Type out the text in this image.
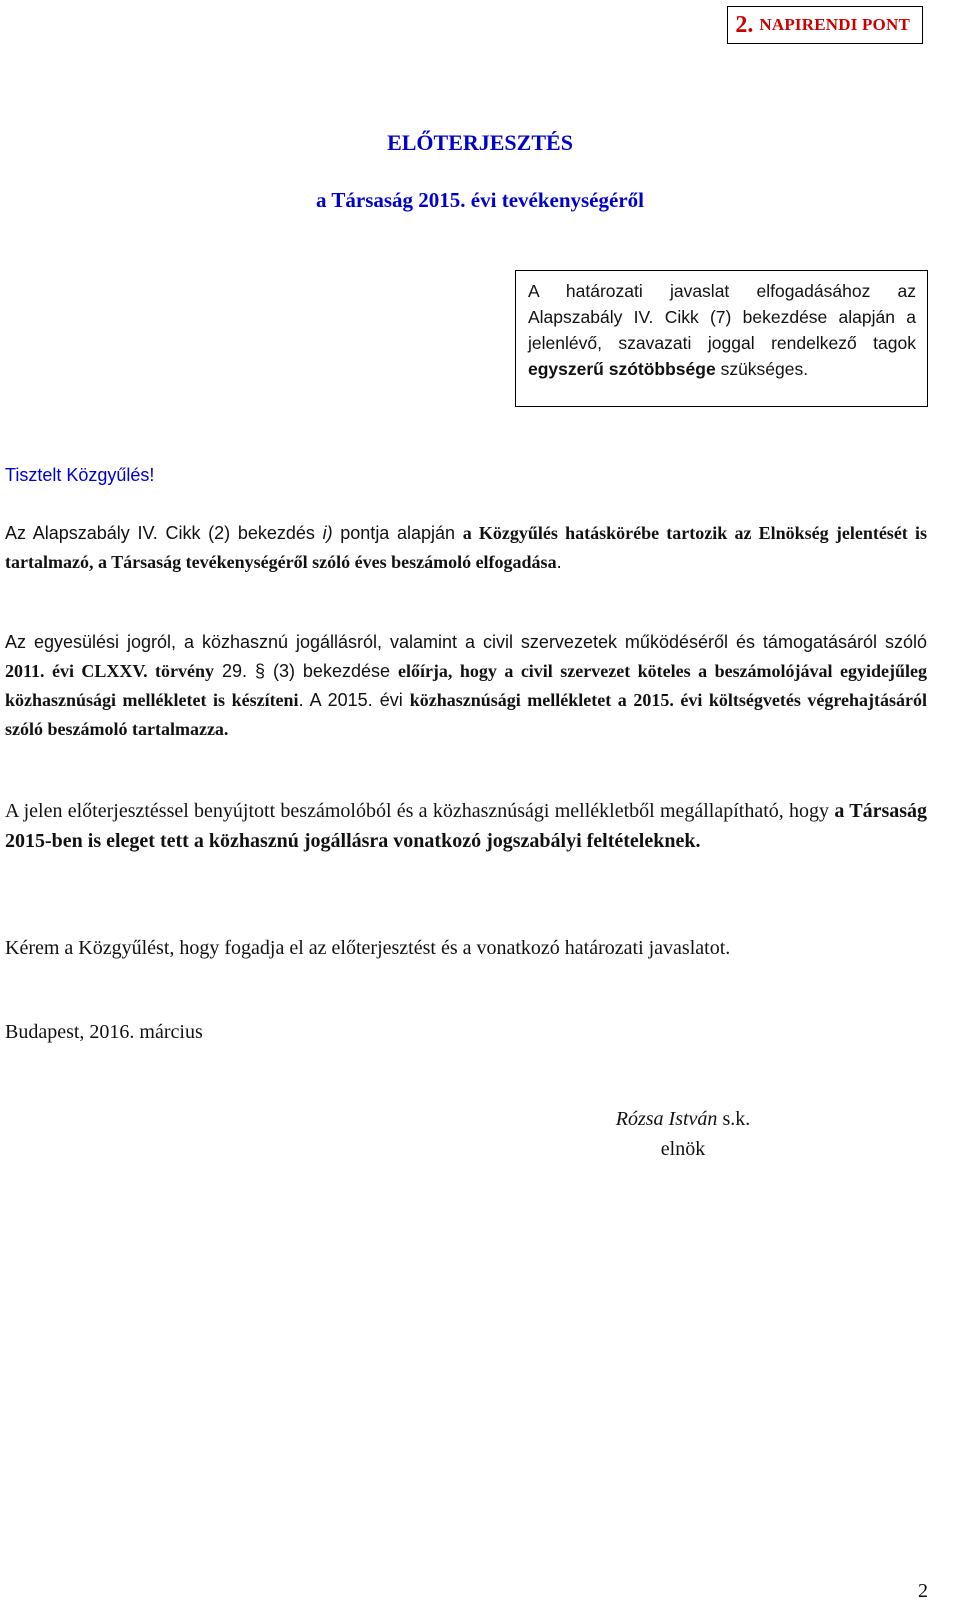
2. NAPIRENDI PONT
ELŐTERJESZTÉS
a Társaság 2015. évi tevékenységéről
A határozati javaslat elfogadásához az Alapszabály IV. Cikk (7) bekezdése alapján a jelenlévő, szavazati joggal rendelkező tagok egyszerű szótöbbsége szükséges.
Tisztelt Közgyűlés!
Az Alapszabály IV. Cikk (2) bekezdés i) pontja alapján a Közgyűlés hatáskörébe tartozik az Elnökség jelentését is tartalmazó, a Társaság tevékenységéről szóló éves beszámoló elfogadása.
Az egyesülési jogról, a közhasznú jogállásról, valamint a civil szervezetek működéséről és támogatásáról szóló 2011. évi CLXXV. törvény 29. § (3) bekezdése előírja, hogy a civil szervezet köteles a beszámolójával egyidejűleg közhasznúsági mellékletet is készíteni. A 2015. évi közhasznúsági mellékletet a 2015. évi költségvetés végrehajtásáról szóló beszámoló tartalmazza.
A jelen előterjesztéssel benyújtott beszámolóból és a közhasznúsági mellékletből megállapítható, hogy a Társaság 2015-ben is eleget tett a közhasznú jogállásra vonatkozó jogszabályi feltételeknek.
Kérem a Közgyűlést, hogy fogadja el az előterjesztést és a vonatkozó határozati javaslatot.
Budapest, 2016. március
Rózsa István s.k.
elnök
2
